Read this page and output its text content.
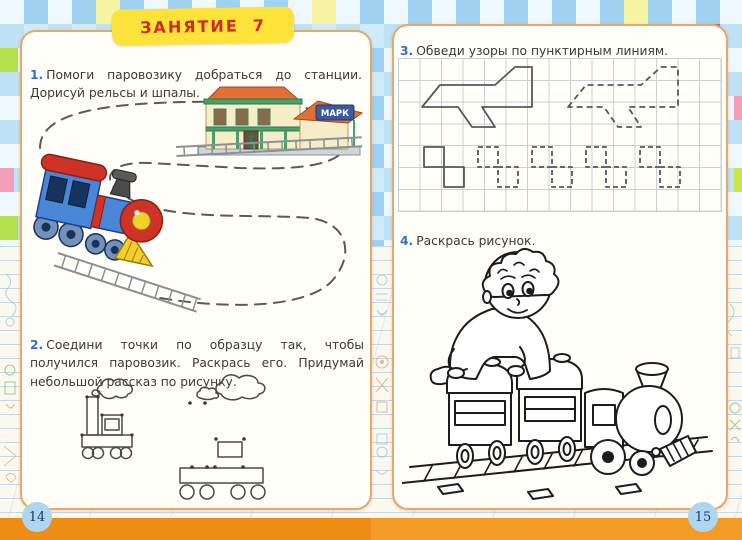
ЗАНЯТИЕ 7

1. Помоги паровозику добраться до станции. Дорисуй рельсы и шпалы.

МАРК

2. Соедини точки по образцу так, чтобы получился паровозик. Раскрась его. Придумай небольшой рассказ по рисунку.

14

3. Обведи узоры по пунктирным линиям.

4. Раскрась рисунок.

15
